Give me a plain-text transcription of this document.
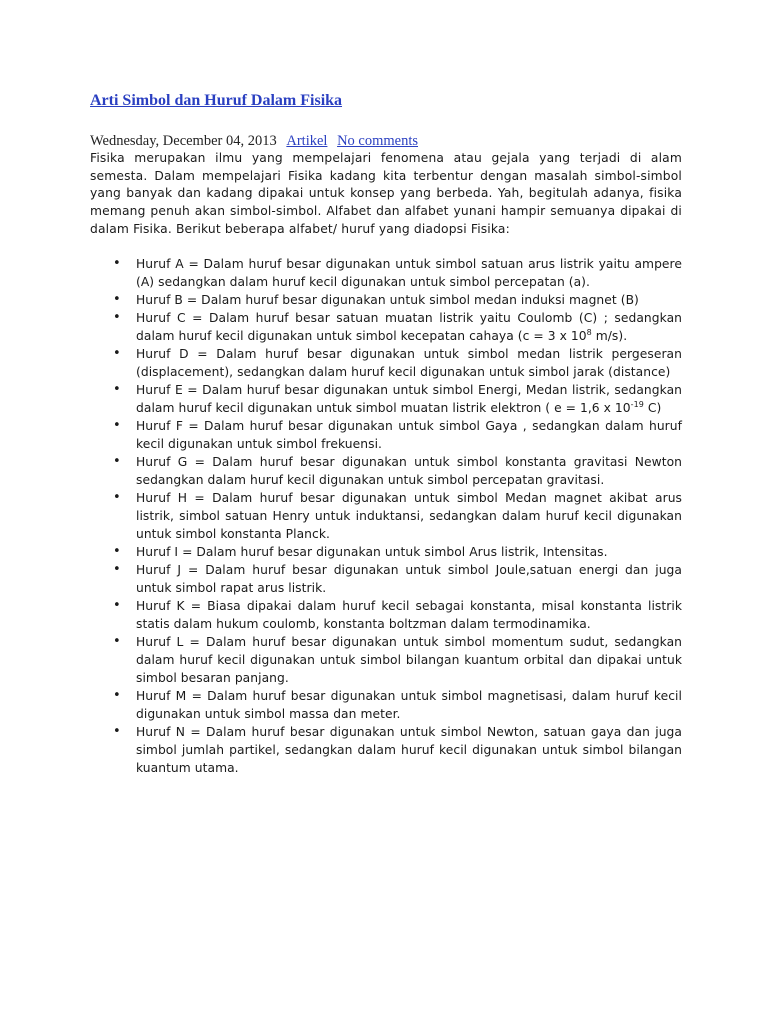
Arti Simbol dan Huruf Dalam Fisika
Wednesday, December 04, 2013 Artikel No comments

Fisika merupakan ilmu yang mempelajari fenomena atau gejala yang terjadi di alam semesta. Dalam mempelajari Fisika kadang kita terbentur dengan masalah simbol-simbol yang banyak dan kadang dipakai untuk konsep yang berbeda. Yah, begitulah adanya, fisika memang penuh akan simbol-simbol. Alfabet dan alfabet yunani hampir semuanya dipakai di dalam Fisika. Berikut beberapa alfabet/ huruf yang diadopsi Fisika:

• Huruf A = Dalam huruf besar digunakan untuk simbol satuan arus listrik yaitu ampere (A) sedangkan dalam huruf kecil digunakan untuk simbol percepatan (a).
• Huruf B = Dalam huruf besar digunakan untuk simbol medan induksi magnet (B)
• Huruf C = Dalam huruf besar satuan muatan listrik yaitu Coulomb (C) ; sedangkan dalam huruf kecil digunakan untuk simbol kecepatan cahaya (c = 3 x $10^8$ m/s).
• Huruf D = Dalam huruf besar digunakan untuk simbol medan listrik pergeseran (displacement), sedangkan dalam huruf kecil digunakan untuk simbol jarak (distance)
• Huruf E = Dalam huruf besar digunakan untuk simbol Energi, Medan listrik, sedangkan dalam huruf kecil digunakan untuk simbol muatan listrik elektron ( e = 1,6 x $10^{-19}$ C)
• Huruf F = Dalam huruf besar digunakan untuk simbol Gaya , sedangkan dalam huruf kecil digunakan untuk simbol frekuensi.
• Huruf G = Dalam huruf besar digunakan untuk simbol konstanta gravitasi Newton sedangkan dalam huruf kecil digunakan untuk simbol percepatan gravitasi.
• Huruf H = Dalam huruf besar digunakan untuk simbol Medan magnet akibat arus listrik, simbol satuan Henry untuk induktansi, sedangkan dalam huruf kecil digunakan untuk simbol konstanta Planck.
• Huruf I = Dalam huruf besar digunakan untuk simbol Arus listrik, Intensitas.
• Huruf J = Dalam huruf besar digunakan untuk simbol Joule,satuan energi dan juga untuk simbol rapat arus listrik.
• Huruf K = Biasa dipakai dalam huruf kecil sebagai konstanta, misal konstanta listrik statis dalam hukum coulomb, konstanta boltzman dalam termodinamika.
• Huruf L = Dalam huruf besar digunakan untuk simbol momentum sudut, sedangkan dalam huruf kecil digunakan untuk simbol bilangan kuantum orbital dan dipakai untuk simbol besaran panjang.
• Huruf M = Dalam huruf besar digunakan untuk simbol magnetisasi, dalam huruf kecil digunakan untuk simbol massa dan meter.
• Huruf N = Dalam huruf besar digunakan untuk simbol Newton, satuan gaya dan juga simbol jumlah partikel, sedangkan dalam huruf kecil digunakan untuk simbol bilangan kuantum utama.
